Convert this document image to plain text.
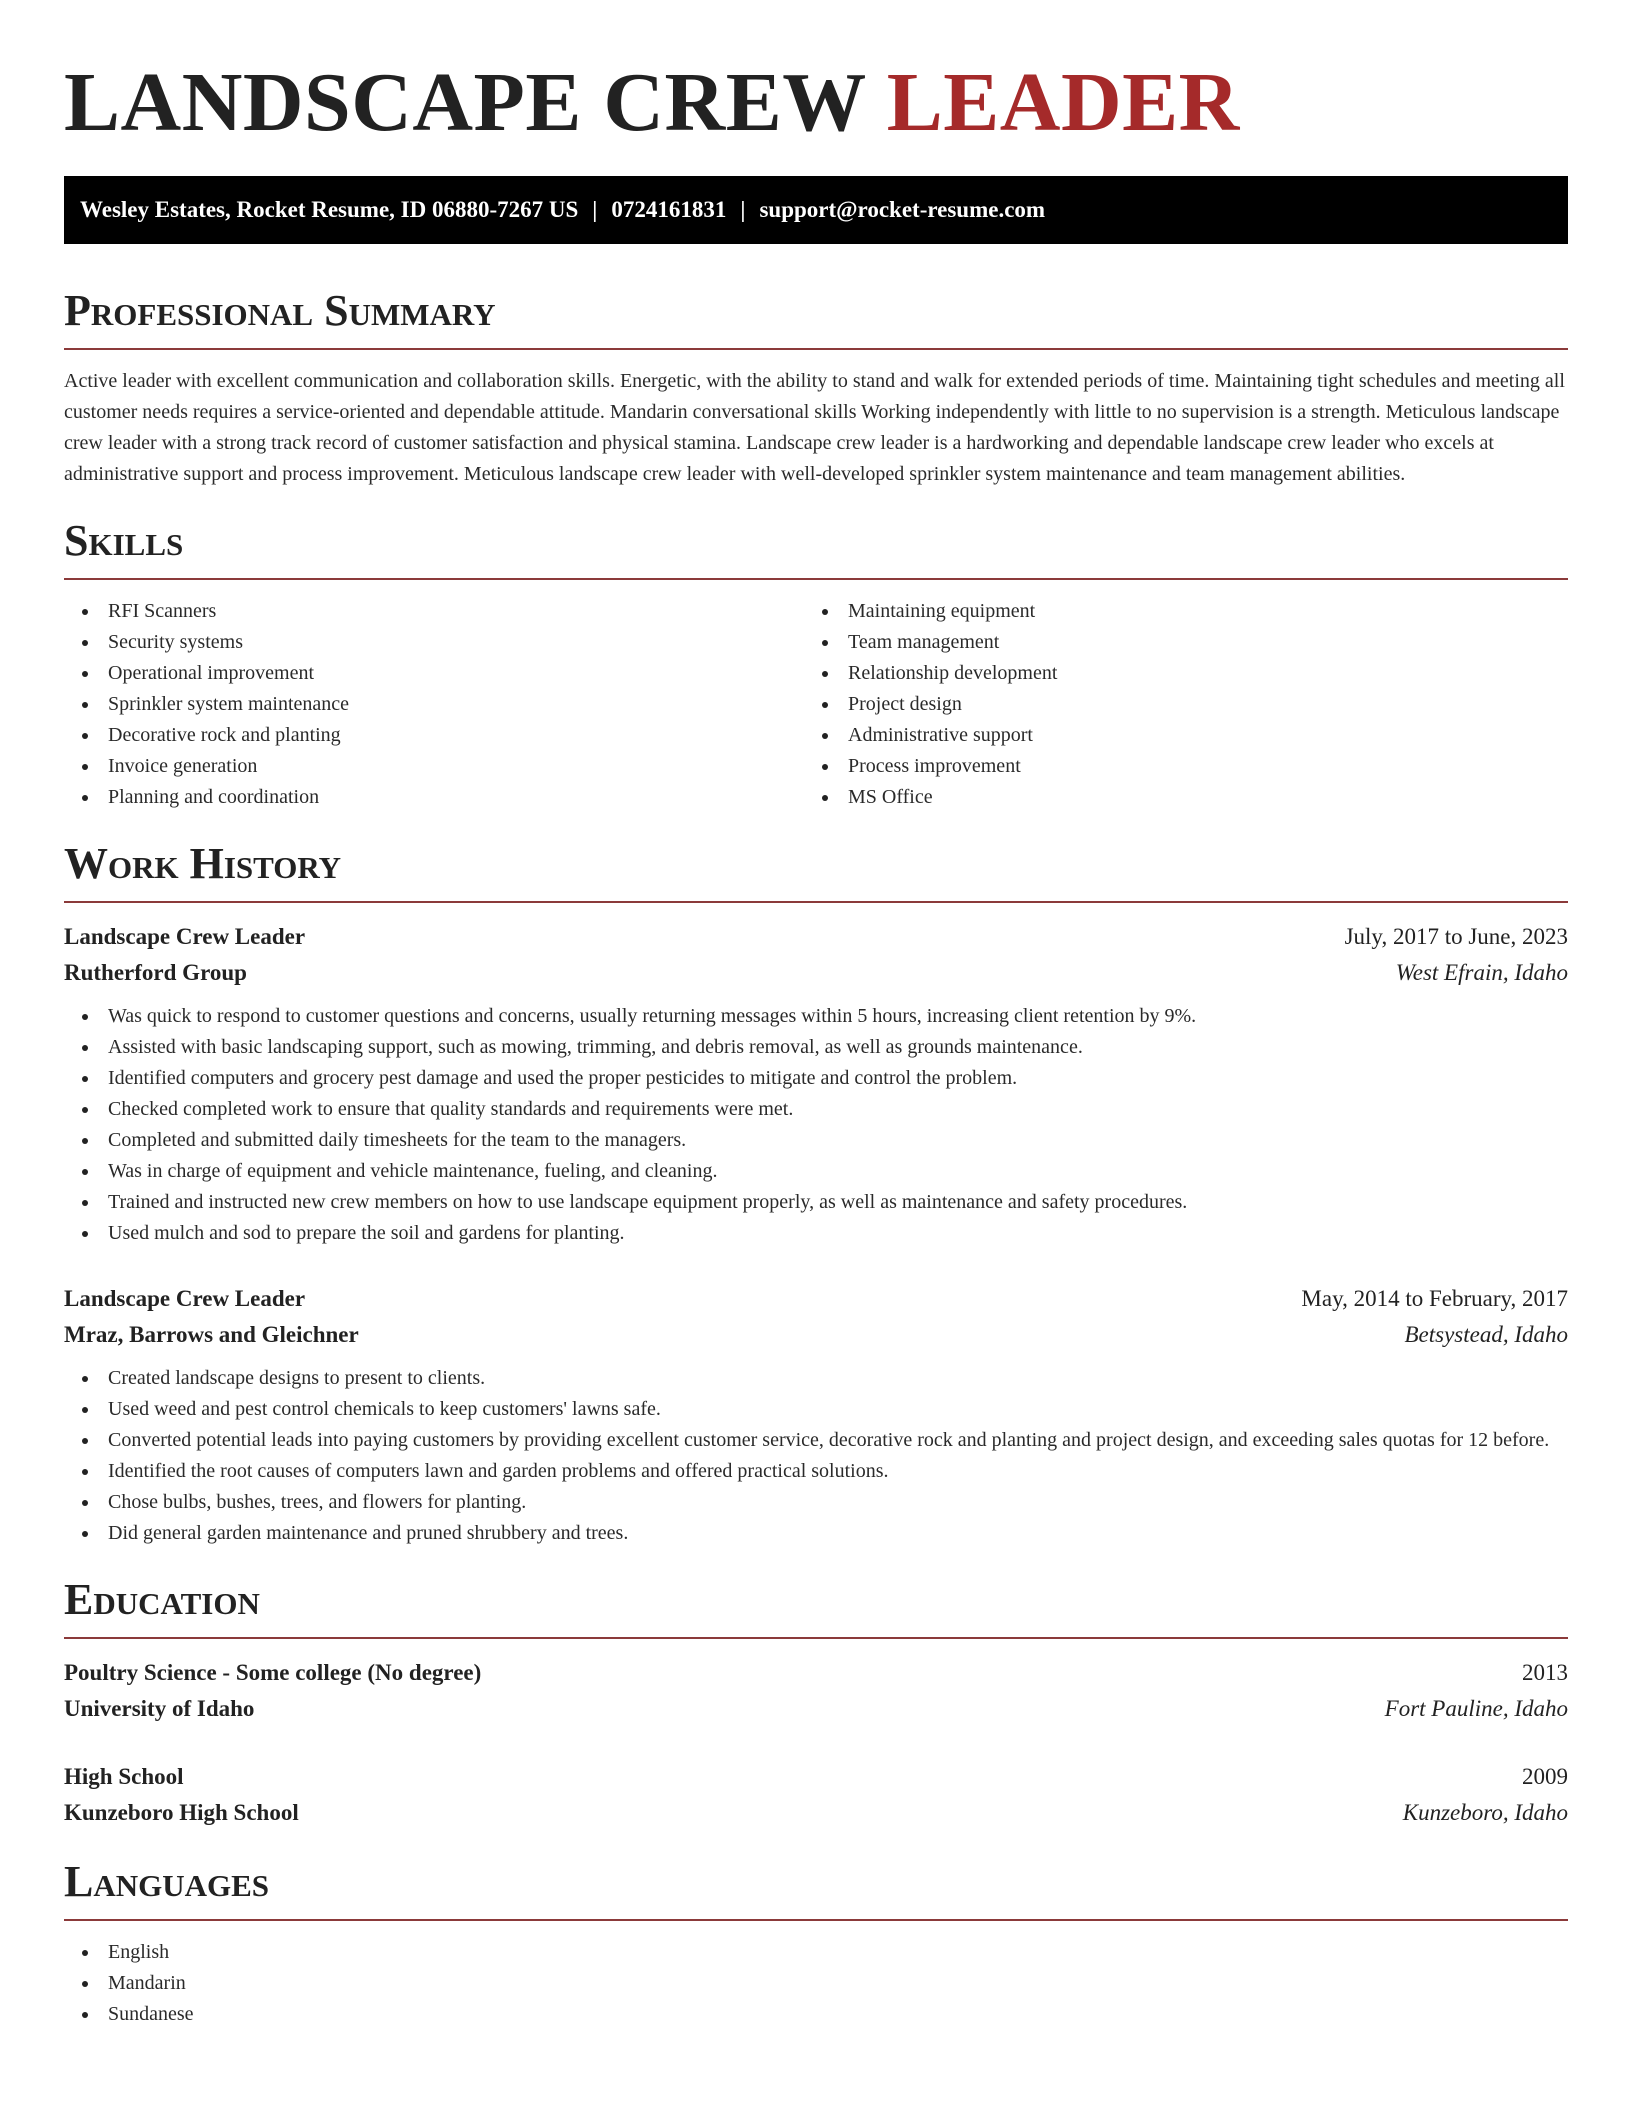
LANDSCAPE CREW LEADER
Wesley Estates, Rocket Resume, ID 06880-7267 US | 0724161831 | support@rocket-resume.com
Professional Summary

Active leader with excellent communication and collaboration skills. Energetic, with the ability to stand and walk for extended periods of time. Maintaining tight schedules and meeting all customer needs requires a service-oriented and dependable attitude. Mandarin conversational skills Working independently with little to no supervision is a strength. Meticulous landscape crew leader with a strong track record of customer satisfaction and physical stamina. Landscape crew leader is a hardworking and dependable landscape crew leader who excels at administrative support and process improvement. Meticulous landscape crew leader with well-developed sprinkler system maintenance and team management abilities.

Skills
RFI Scanners
Security systems
Operational improvement
Sprinkler system maintenance
Decorative rock and planting
Invoice generation
Planning and coordination
Maintaining equipment
Team management
Relationship development
Project design
Administrative support
Process improvement
MS Office
Work History
Landscape Crew Leader	July, 2017 to June, 2023
Rutherford Group	West Efrain, Idaho
Was quick to respond to customer questions and concerns, usually returning messages within 5 hours, increasing client retention by 9%.
Assisted with basic landscaping support, such as mowing, trimming, and debris removal, as well as grounds maintenance.
Identified computers and grocery pest damage and used the proper pesticides to mitigate and control the problem.
Checked completed work to ensure that quality standards and requirements were met.
Completed and submitted daily timesheets for the team to the managers.
Was in charge of equipment and vehicle maintenance, fueling, and cleaning.
Trained and instructed new crew members on how to use landscape equipment properly, as well as maintenance and safety procedures.
Used mulch and sod to prepare the soil and gardens for planting.
Landscape Crew Leader	May, 2014 to February, 2017
Mraz, Barrows and Gleichner	Betsystead, Idaho
Created landscape designs to present to clients.
Used weed and pest control chemicals to keep customers' lawns safe.
Converted potential leads into paying customers by providing excellent customer service, decorative rock and planting and project design, and exceeding sales quotas for 12 before.
Identified the root causes of computers lawn and garden problems and offered practical solutions.
Chose bulbs, bushes, trees, and flowers for planting.
Did general garden maintenance and pruned shrubbery and trees.
Education
Poultry Science - Some college (No degree)	2013
University of Idaho	Fort Pauline, Idaho
High School	2009
Kunzeboro High School	Kunzeboro, Idaho
Languages
English
Mandarin
Sundanese
